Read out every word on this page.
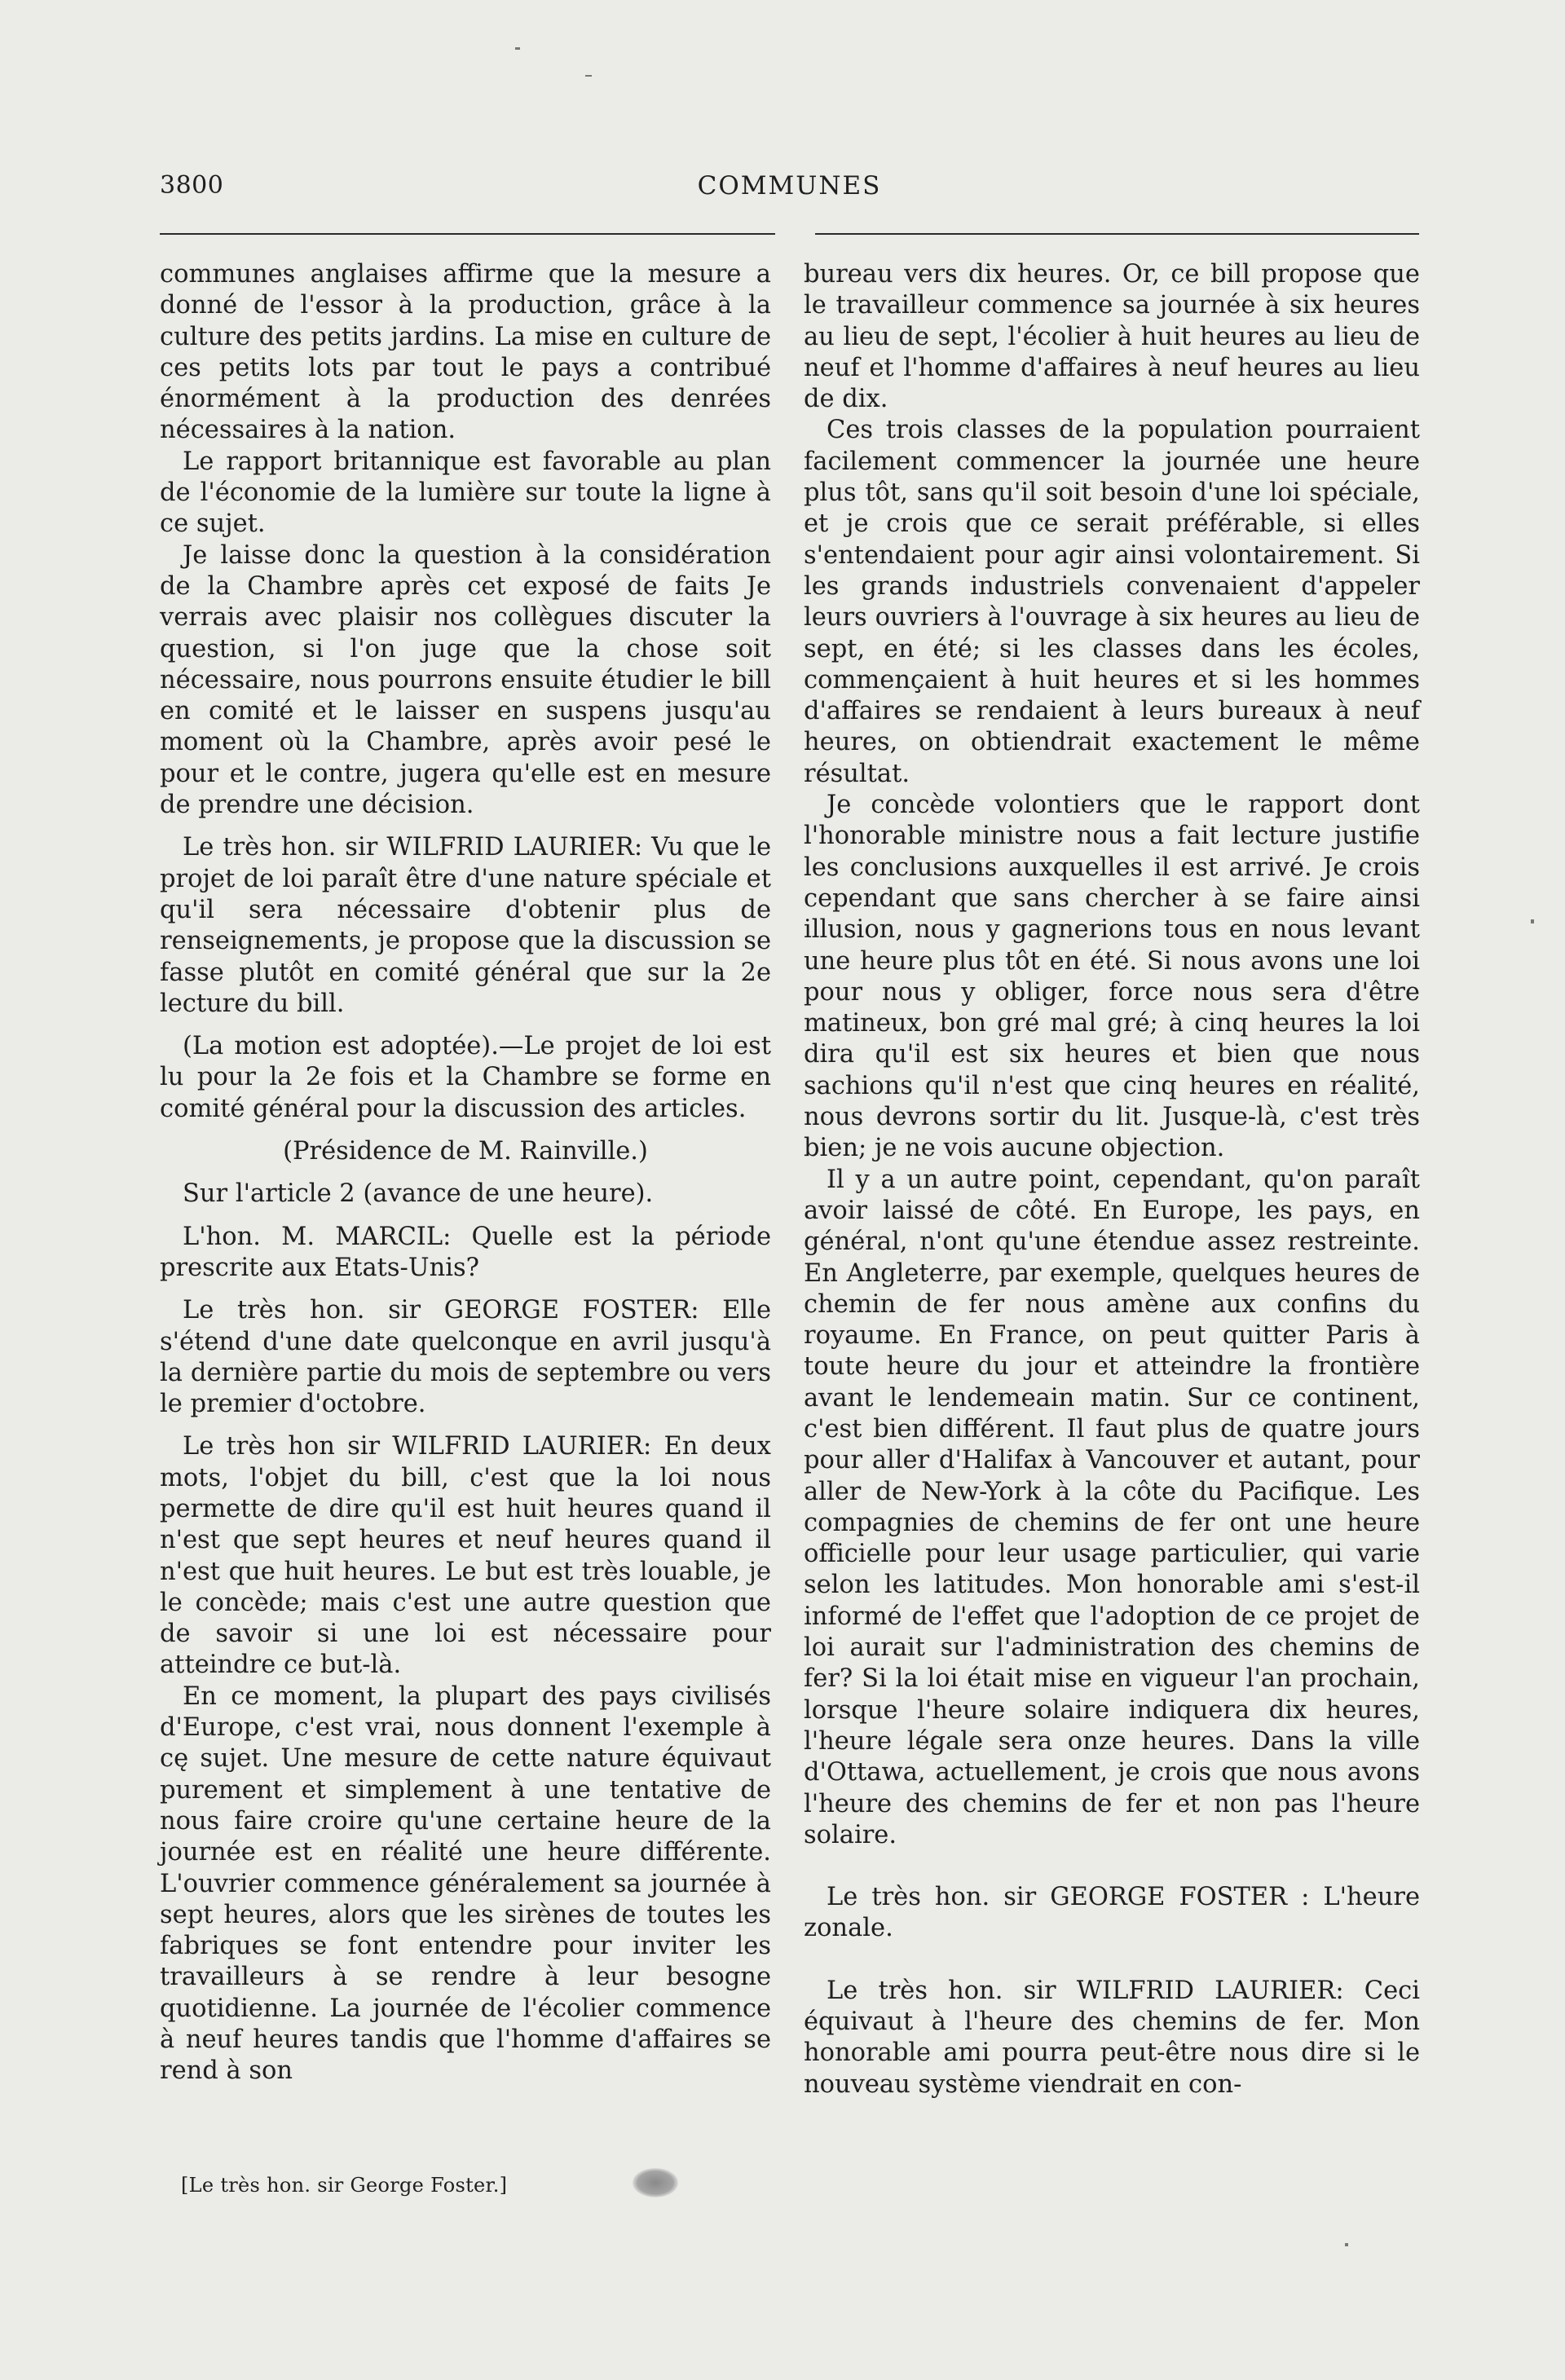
3800	COMMUNES

communes anglaises affirme que la mesure a donné de l'essor à la production, grâce à la culture des petits jardins. La mise en culture de ces petits lots par tout le pays a contribué énormément à la production des denrées nécessaires à la nation.

Le rapport britannique est favorable au plan de l'économie de la lumière sur toute la ligne à ce sujet.

Je laisse donc la question à la considération de la Chambre après cet exposé de faits Je verrais avec plaisir nos collègues discuter la question, si l'on juge que la chose soit nécessaire, nous pourrons ensuite étudier le bill en comité et le laisser en suspens jusqu'au moment où la Chambre, après avoir pesé le pour et le contre, jugera qu'elle est en mesure de prendre une décision.

Le très hon. sir WILFRID LAURIER: Vu que le projet de loi paraît être d'une nature spéciale et qu'il sera nécessaire d'obtenir plus de renseignements, je propose que la discussion se fasse plutôt en comité général que sur la 2e lecture du bill.

(La motion est adoptée).—Le projet de loi est lu pour la 2e fois et la Chambre se forme en comité général pour la discussion des articles.

(Présidence de M. Rainville.)

Sur l'article 2 (avance de une heure).

L'hon. M. MARCIL: Quelle est la période prescrite aux Etats-Unis?

Le très hon. sir GEORGE FOSTER: Elle s'étend d'une date quelconque en avril jusqu'à la dernière partie du mois de septembre ou vers le premier d'octobre.

Le très hon sir WILFRID LAURIER: En deux mots, l'objet du bill, c'est que la loi nous permette de dire qu'il est huit heures quand il n'est que sept heures et neuf heures quand il n'est que huit heures. Le but est très louable, je le concède; mais c'est une autre question que de savoir si une loi est nécessaire pour atteindre ce but-là.

En ce moment, la plupart des pays civilisés d'Europe, c'est vrai, nous donnent l'exemple à cę sujet. Une mesure de cette nature équivaut purement et simplement à une tentative de nous faire croire qu'une certaine heure de la journée est en réalité une heure différente. L'ouvrier commence généralement sa journée à sept heures, alors que les sirènes de toutes les fabriques se font entendre pour inviter les travailleurs à se rendre à leur besogne quotidienne. La journée de l'écolier commence à neuf heures tandis que l'homme d'affaires se rend à son

bureau vers dix heures. Or, ce bill propose que le travailleur commence sa journée à six heures au lieu de sept, l'écolier à huit heures au lieu de neuf et l'homme d'affaires à neuf heures au lieu de dix.

Ces trois classes de la population pourraient facilement commencer la journée une heure plus tôt, sans qu'il soit besoin d'une loi spéciale, et je crois que ce serait préférable, si elles s'entendaient pour agir ainsi volontairement. Si les grands industriels convenaient d'appeler leurs ouvriers à l'ouvrage à six heures au lieu de sept, en été; si les classes dans les écoles, commençaient à huit heures et si les hommes d'affaires se rendaient à leurs bureaux à neuf heures, on obtiendrait exactement le même résultat.

Je concède volontiers que le rapport dont l'honorable ministre nous a fait lecture justifie les conclusions auxquelles il est arrivé. Je crois cependant que sans chercher à se faire ainsi illusion, nous y gagnerions tous en nous levant une heure plus tôt en été. Si nous avons une loi pour nous y obliger, force nous sera d'être matineux, bon gré mal gré; à cinq heures la loi dira qu'il est six heures et bien que nous sachions qu'il n'est que cinq heures en réalité, nous devrons sortir du lit. Jusque-là, c'est très bien; je ne vois aucune objection.

Il y a un autre point, cependant, qu'on paraît avoir laissé de côté. En Europe, les pays, en général, n'ont qu'une étendue assez restreinte. En Angleterre, par exemple, quelques heures de chemin de fer nous amène aux confins du royaume. En France, on peut quitter Paris à toute heure du jour et atteindre la frontière avant le lendemeain matin. Sur ce continent, c'est bien différent. Il faut plus de quatre jours pour aller d'Halifax à Vancouver et autant, pour aller de New-York à la côte du Pacifique. Les compagnies de chemins de fer ont une heure officielle pour leur usage particulier, qui varie selon les latitudes. Mon honorable ami s'est-il informé de l'effet que l'adoption de ce projet de loi aurait sur l'administration des chemins de fer? Si la loi était mise en vigueur l'an prochain, lorsque l'heure solaire indiquera dix heures, l'heure légale sera onze heures. Dans la ville d'Ottawa, actuellement, je crois que nous avons l'heure des chemins de fer et non pas l'heure solaire.

Le très hon. sir GEORGE FOSTER : L'heure zonale.

Le très hon. sir WILFRID LAURIER: Ceci équivaut à l'heure des chemins de fer. Mon honorable ami pourra peut-être nous dire si le nouveau système viendrait en con-

[Le très hon. sir George Foster.]
